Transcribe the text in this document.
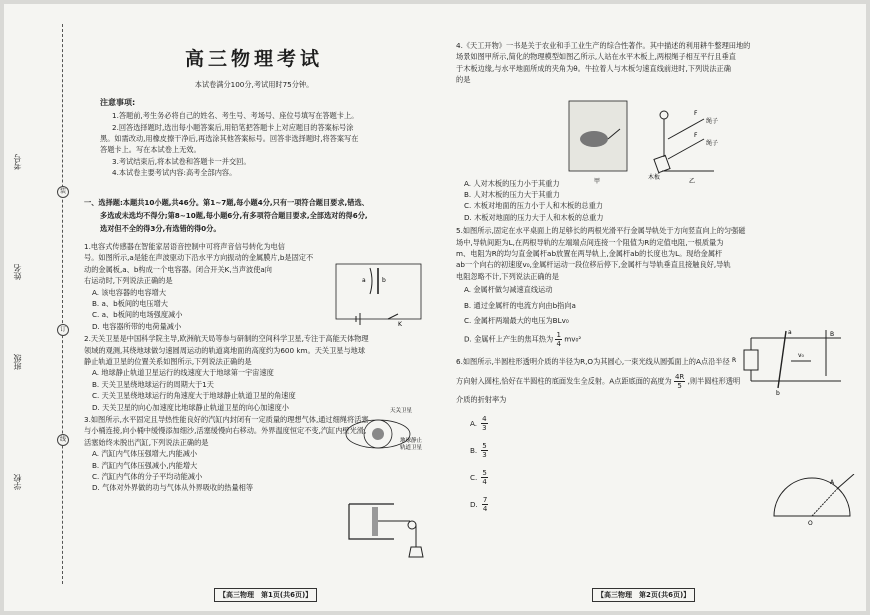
考号
姓名
班级
学校
装
订
线
高三物理考试
本试卷满分100分,考试用时75分钟。
注意事项:
1.答题前,考生务必将自己的姓名、考生号、考场号、座位号填写在答题卡上。
2.回答选择题时,选出每小题答案后,用铅笔把答题卡上对应题目的答案标号涂
黑。如需改动,用橡皮擦干净后,再选涂其他答案标号。回答非选择题时,将答案写在
答题卡上。写在本试卷上无效。
3.考试结束后,将本试卷和答题卡一并交回。
4.本试卷主要考试内容:高考全部内容。
一、选择题:本题共10小题,共46分。第1~7题,每小题4分,只有一项符合题目要求,错选、
多选或未选均不得分;第8~10题,每小题6分,有多项符合题目要求,全部选对的得6分,
选对但不全的得3分,有选错的得0分。
1.电容式传感器在智能家居语音控制中可将声音信号转化为电信
号。如图所示,a是能在声波驱动下沿水平方向振动的金属膜片,b是固定不
动的金属板,a、b构成一个电容器。闭合开关K,当声波使a向
右运动时,下列说法正确的是
A. 该电容器的电容增大
B. a、b板间的电压增大
C. a、b板间的电场强度减小
D. 电容器所带的电荷量减小
2.天关卫星是中国科学院主导,欧洲航天局等参与研制的空间科学卫星,专注于高能天体物理
领域的观测,其绕地球做匀速圆周运动的轨道离地面的高度约为600 km。天关卫星与地球
静止轨道卫星的位置关系如图所示,下列说法正确的是
A. 地球静止轨道卫星运行的线速度大于地球第一宇宙速度
B. 天关卫星绕地球运行的周期大于1天
C. 天关卫星绕地球运行的角速度大于地球静止轨道卫星的角速度
D. 天关卫星的向心加速度比地球静止轨道卫星的向心加速度小
3.如图所示,水平固定且导热性能良好的汽缸内封闭有一定质量的理想气体,通过细绳将活塞
与小桶连接,向小桶中缓慢添加细沙,活塞缓慢向右移动。外界温度恒定不变,汽缸内壁光滑,
活塞始终未脱出汽缸,下列说法正确的是
A. 汽缸内气体压强增大,内能减小
B. 汽缸内气体压强减小,内能增大
C. 汽缸内气体的分子平均动能减小
D. 气体对外界做的功与气体从外界吸收的热量相等
a	b
K
天关卫星
地球静止
轨道卫星
【高三物理　第1页(共6页)】
4.《天工开物》一书是关于农业和手工业生产的综合性著作。其中描述的利用耕牛整理田地的
场景如图甲所示,简化的物理模型如图乙所示,人站在水平木板上,两根绳子相互平行且垂直
于木板边缘,与水平地面所成的夹角为θ。牛拉着人与木板匀速直线前进时,下列说法正确
的是
A. 人对木板的压力小于其重力
B. 人对木板的压力大于其重力
C. 木板对地面的压力小于人和木板的总重力
D. 木板对地面的压力大于人和木板的总重力
5.如图所示,固定在水平桌面上的足够长的两根光滑平行金属导轨处于方向竖直向上的匀强磁
场中,导轨间距为L,在两根导轨的左端端点间连接一个阻值为R的定值电阻,一根质量为
m、电阻为R的均匀直金属杆ab放置在两导轨上,金属杆ab的长度也为L。现给金属杆
ab一个向右的初速度v₀,金属杆运动一段位移后停下,金属杆与导轨垂直且接触良好,导轨
电阻忽略不计,下列说法正确的是
A. 金属杆做匀减速直线运动
B. 通过金属杆的电流方向由b指向a
C. 金属杆两端最大的电压为BLv₀
D. 金属杆上产生的焦耳热为 $\frac{1}{4} mv_0^2$
6.如图所示,半圆柱形透明介质的半径为R,O为其圆心,一束光线从圆弧面上的A点沿半径
方向射入圆柱,恰好在半圆柱的底面发生全反射。A点距底面的高度为 $\frac{4R}{5}$ ,则半圆柱形透明
介质的折射率为
A. $\frac{4}{3}$
B. $\frac{5}{3}$
C. $\frac{5}{4}$
D. $\frac{7}{4}$
甲
F
绳子
F
绳子
木板
乙
R
a
b
v₀
B
A
O
【高三物理　第2页(共6页)】
